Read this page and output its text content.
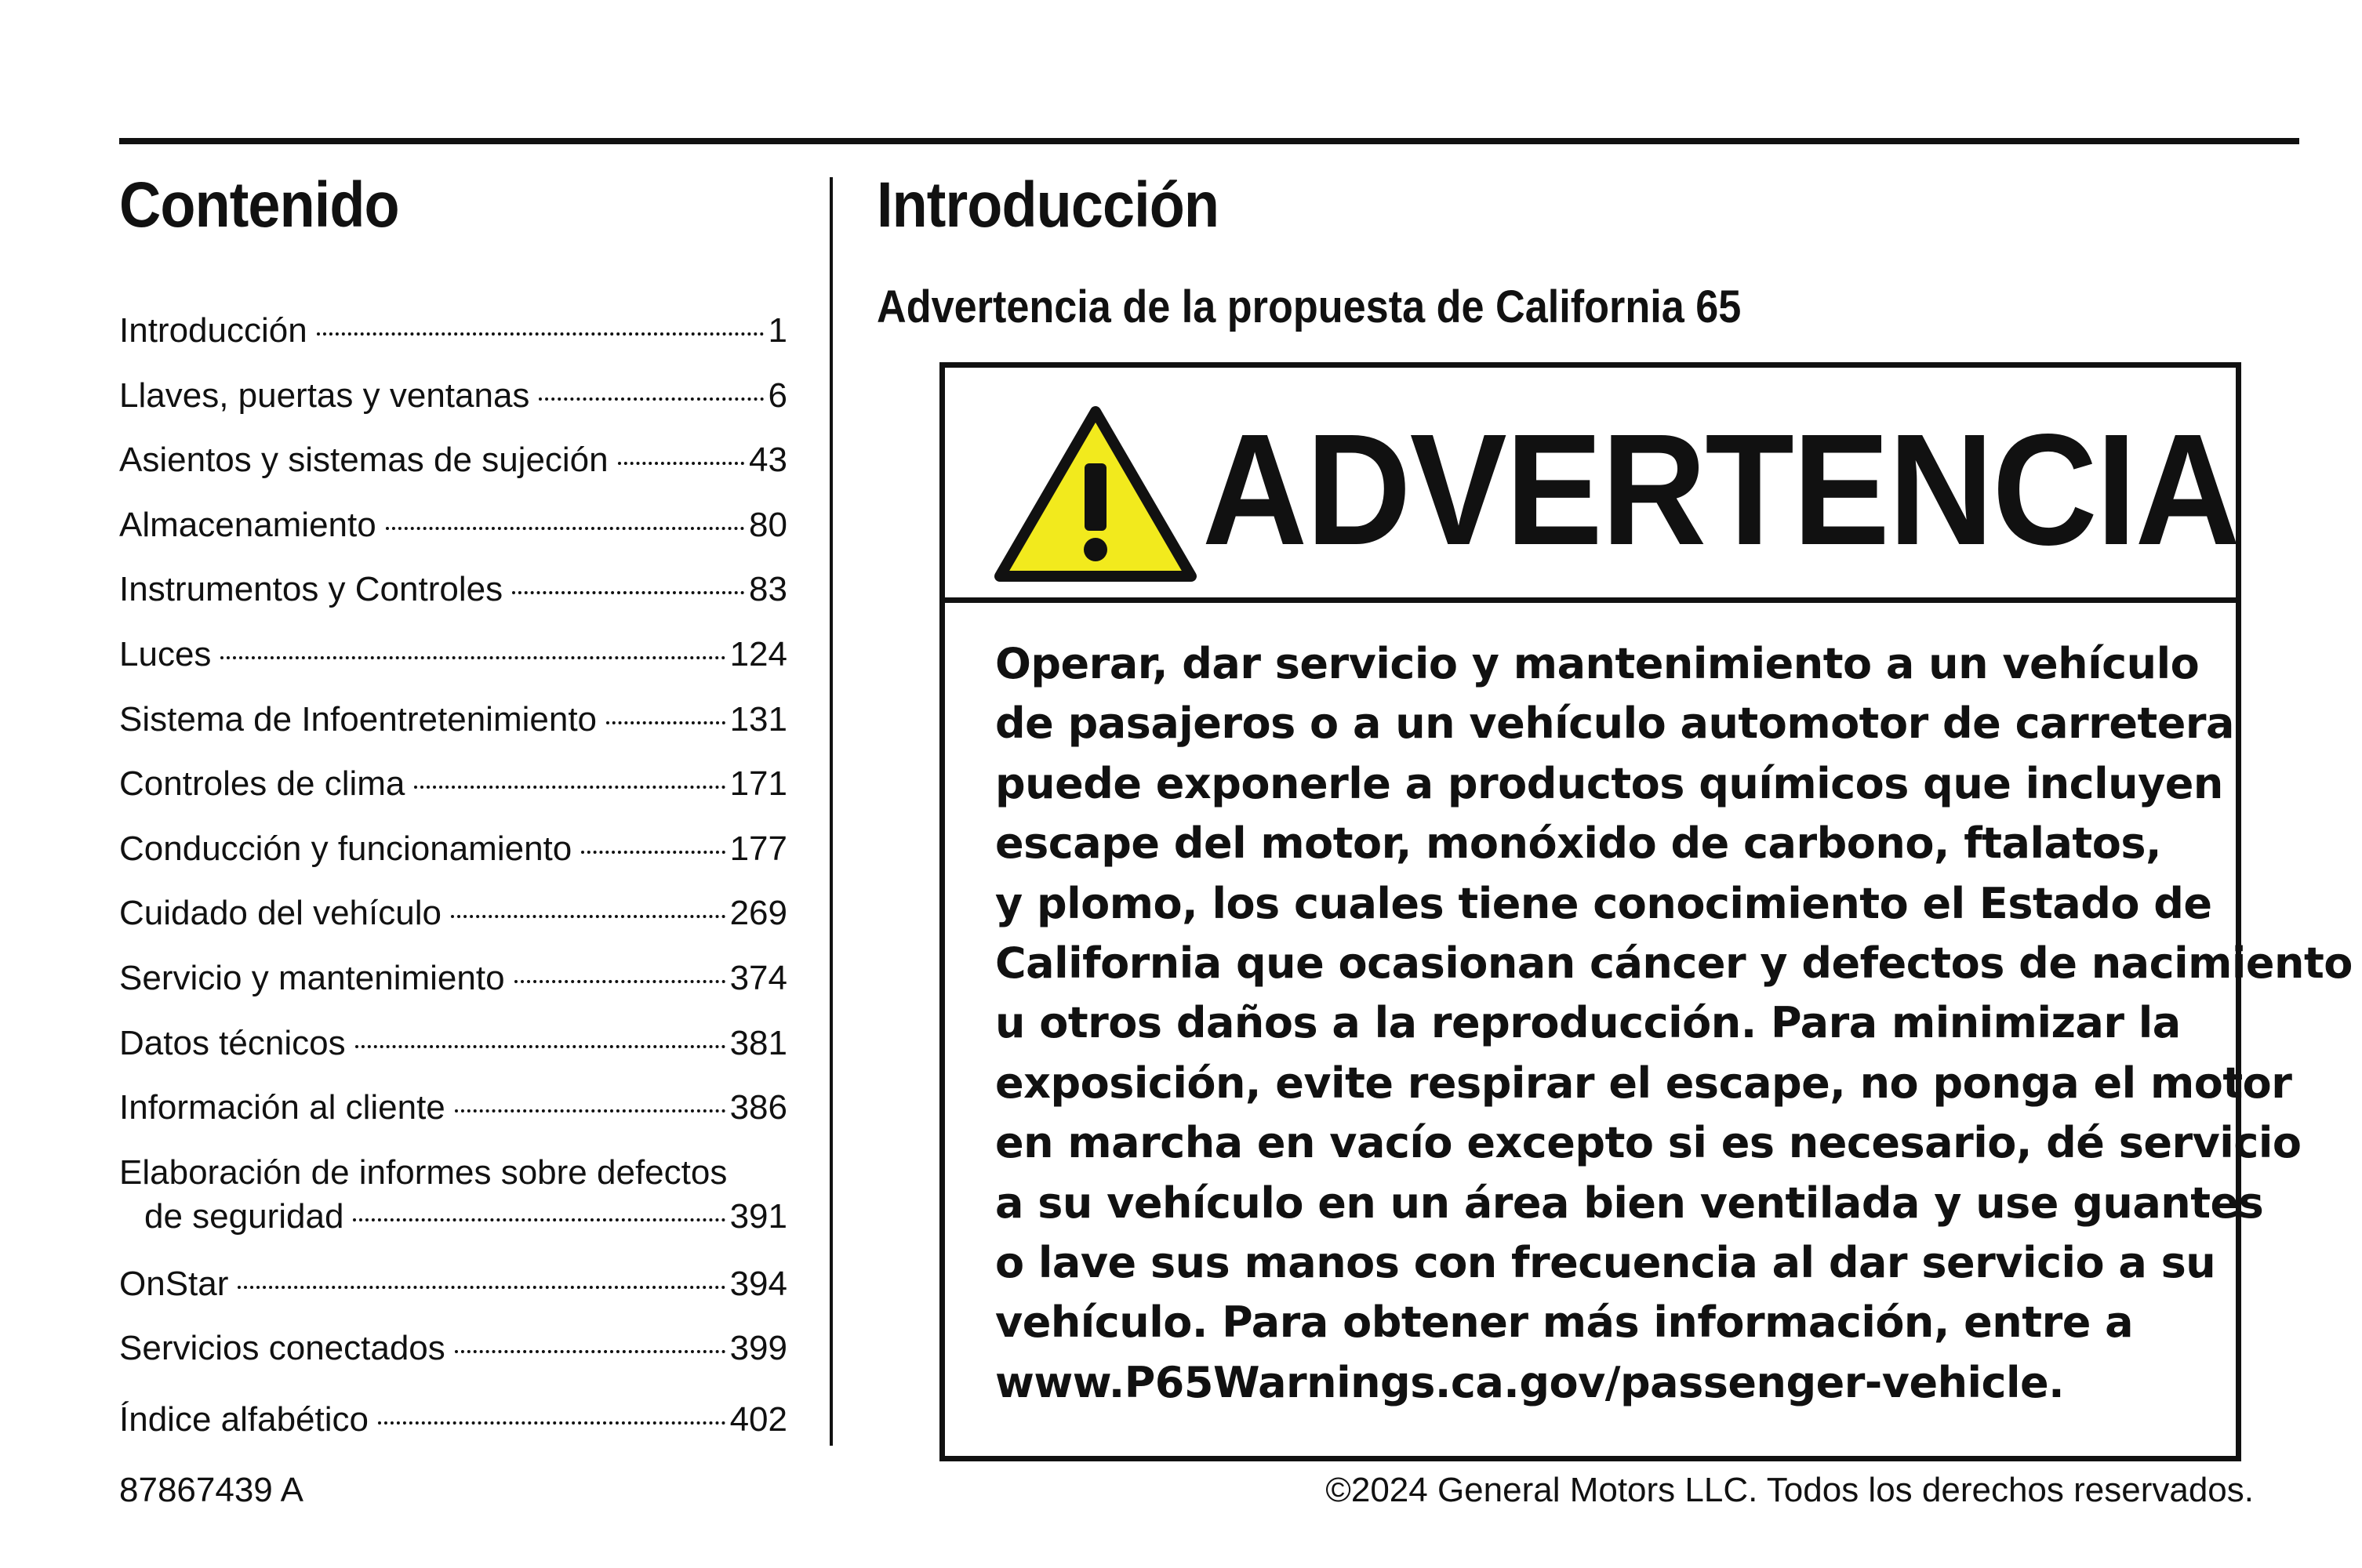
Contenido
Introducción	1
Llaves, puertas y ventanas	6
Asientos y sistemas de sujeción	43
Almacenamiento	80
Instrumentos y Controles	83
Luces	124
Sistema de Infoentretenimiento	131
Controles de clima	171
Conducción y funcionamiento	177
Cuidado del vehículo	269
Servicio y mantenimiento	374
Datos técnicos	381
Información al cliente	386
Elaboración de informes sobre defectos
de seguridad	391
OnStar	394
Servicios conectados	399
Índice alfabético	402
87867439 A
Introducción
Advertencia de la propuesta de California 65
ADVERTENCIA
Operar, dar servicio y mantenimiento a un vehículo
de pasajeros o a un vehículo automotor de carretera
puede exponerle a productos químicos que incluyen
escape del motor, monóxido de carbono, ftalatos,
y plomo, los cuales tiene conocimiento el Estado de
California que ocasionan cáncer y defectos de nacimiento
u otros daños a la reproducción. Para minimizar la
exposición, evite respirar el escape, no ponga el motor
en marcha en vacío excepto si es necesario, dé servicio
a su vehículo en un área bien ventilada y use guantes
o lave sus manos con frecuencia al dar servicio a su
vehículo. Para obtener más información, entre a
www.P65Warnings.ca.gov/passenger-vehicle.
©2024 General Motors LLC. Todos los derechos reservados.
